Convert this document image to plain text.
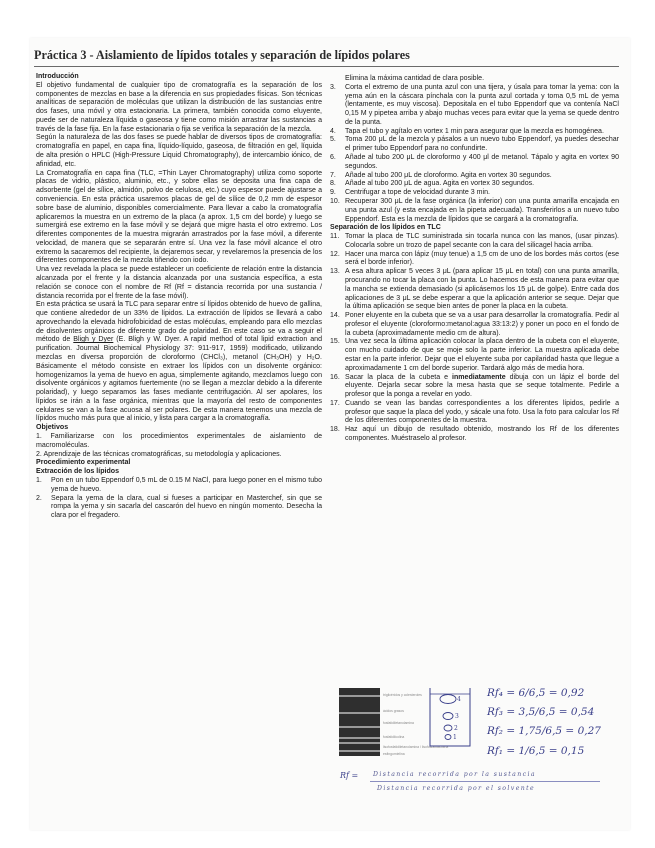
Práctica 3 - Aislamiento de lípidos totales y separación de lípidos polares

Introducción

El objetivo fundamental de cualquier tipo de cromatografía es la separación de los componentes de mezclas en base a la diferencia en sus propiedades físicas. Son técnicas analíticas de separación de moléculas que utilizan la distribución de las sustancias entre dos fases, una móvil y otra estacionaria. La primera, también conocida como eluyente, puede ser de naturaleza líquida o gaseosa y tiene como misión arrastrar las sustancias a través de la fase fija. En la fase estacionaria o fija se verifica la separación de la mezcla.

Según la naturaleza de las dos fases se puede hablar de diversos tipos de cromatografía: cromatografía en papel, en capa fina, líquido-líquido, gaseosa, de filtración en gel, líquida de alta presión o HPLC (High-Pressure Liquid Chromatography), de intercambio iónico, de afinidad, etc.

La Cromatografía en capa fina (TLC, =Thin Layer Chromatography) utiliza como soporte placas de vidrio, plástico, aluminio, etc., y sobre ellas se deposita una fina capa de adsorbente (gel de sílice, almidón, polvo de celulosa, etc.) cuyo espesor puede ajustarse a conveniencia. En esta práctica usaremos placas de gel de sílice de 0,2 mm de espesor sobre base de aluminio, disponibles comercialmente. Para llevar a cabo la cromatografía aplicaremos la muestra en un extremo de la placa (a aprox. 1,5 cm del borde) y luego se sumergirá ese extremo en la fase móvil y se dejará que migre hasta el otro extremo. Los diferentes componentes de la muestra migrarán arrastrados por la fase móvil, a diferente velocidad, de manera que se separarán entre sí. Una vez la fase móvil alcance el otro extremo la sacaremos del recipiente, la dejaremos secar, y revelaremos la presencia de los diferentes componentes de la mezcla tiñendo con iodo.

Una vez revelada la placa se puede establecer un coeficiente de relación entre la distancia alcanzada por el frente y la distancia alcanzada por una sustancia específica, a esta relación se conoce con el nombre de Rf (Rf = distancia recorrida por una sustancia / distancia recorrida por el frente de la fase móvil).

En esta práctica se usará la TLC para separar entre sí lípidos obtenido de huevo de gallina, que contiene alrededor de un 33% de lípidos. La extracción de lípidos se llevará a cabo aprovechando la elevada hidrofobicidad de estas moléculas, empleando para ello mezclas de disolventes orgánicos de diferente grado de polaridad. En este caso se va a seguir el método de Bligh y Dyer (E. Bligh y W. Dyer. A rapid method of total lipid extraction and purification. Journal Biochemical Physiology 37: 911-917, 1959) modificado, utilizando mezclas en diversa proporción de cloroformo (CHCl₃), metanol (CH₃OH) y H₂O. Básicamente el método consiste en extraer los lípidos con un disolvente orgánico: homogenizamos la yema de huevo en agua, simplemente agitando, mezclamos luego con disolvente orgánicos y agitamos fuertemente (no se llegan a mezclar debido a la diferente polaridad), y luego separamos las fases mediante centrifugación. Al ser apolares, los lípidos se irán a la fase orgánica, mientras que la mayoría del resto de componentes celulares se van a la fase acuosa al ser polares. De esta manera tenemos una mezcla de lípidos mucho más pura que al inicio, y lista para cargar a la cromatografía.

Objetivos

1. Familiarizarse con los procedimientos experimentales de aislamiento de macromoléculas.

2. Aprendizaje de las técnicas cromatográficas, su metodología y aplicaciones.

Procedimiento experimental

Extracción de los lípidos

1.	Pon en un tubo Eppendorf 0,5 mL de 0.15 M NaCl, para luego poner en el mismo tubo yema de huevo.
2.	Separa la yema de la clara, cual si fueses a participar en Masterchef, sin que se rompa la yema y sin sacarla del cascarón del huevo en ningún momento. Desecha la clara por el fregadero.
Elimina la máxima cantidad de clara posible.
3.	Corta el extremo de una punta azul con una tijera, y úsala para tomar la yema: con la yema aún en la cáscara pínchala con la punta azul cortada y toma 0,5 mL de yema (lentamente, es muy viscosa). Depositala en el tubo Eppendorf que va contenía NaCl 0,15 M y pipetea arriba y abajo muchas veces para evitar que la yema se quede dentro de la punta.
4.	Tapa el tubo y agítalo en vortex 1 min para asegurar que la mezcla es homogénea.
5.	Toma 200 μL de la mezcla y pásalos a un nuevo tubo Eppendorf, ya puedes desechar el primer tubo Eppendorf para no confundirte.
6.	Añade al tubo 200 μL de cloroformo y 400 μl de metanol. Tápalo y agita en vortex 90 segundos.
7.	Añade al tubo 200 μL de cloroformo. Agita en vortex 30 segundos.
8.	Añade al tubo 200 μL de agua. Agita en vortex 30 segundos.
9.	Centrifugar a tope de velocidad durante 3 min.
10. Recuperar 300 μL de la fase orgánica (la inferior) con una punta amarilla encajada en una punta azul (y esta encajada en la pipeta adecuada). Transferirlos a un nuevo tubo Eppendorf. Esta es la mezcla de lípidos que se cargará a la cromatografía.

Separación de los lípidos en TLC

11. Tomar la placa de TLC suministrada sin tocarla nunca con las manos, (usar pinzas). Colocarla sobre un trozo de papel secante con la cara del silicagel hacia arriba.
12. Hacer una marca con lápiz (muy tenue) a 1,5 cm de uno de los bordes más cortos (ese será el borde inferior).
13. A esa altura aplicar 5 veces 3 μL (para aplicar 15 μL en total) con una punta amarilla, procurando no tocar la placa con la punta. Lo hacemos de esta manera para evitar que la mancha se extienda demasiado (si aplicásemos los 15 μL de golpe). Entre cada dos aplicaciones de 3 μL se debe esperar a que la aplicación anterior se seque. Dejar que la última aplicación se seque bien antes de poner la placa en la cubeta.
14. Poner eluyente en la cubeta que se va a usar para desarrollar la cromatografía. Pedir al profesor el eluyente (cloroformo:metanol:agua 33:13:2) y poner un poco en el fondo de la cubeta (aproximadamente medio cm de altura).
15. Una vez seca la última aplicación colocar la placa dentro de la cubeta con el eluyente, con mucho cuidado de que se moje solo la parte inferior. La muestra aplicada debe estar en la parte inferior. Dejar que el eluyente suba por capilaridad hasta que llegue a aproximadamente 1 cm del borde superior. Tardará algo más de media hora.
16. Sacar la placa de la cubeta e inmediatamente dibuja con un lápiz el borde del eluyente. Dejarla secar sobre la mesa hasta que se seque totalmente. Pedirle a profesor que la ponga a revelar en yodo.
17. Cuando se vean las bandas correspondientes a los diferentes lípidos, pedirle a profesor que saque la placa del yodo, y sácale una foto. Usa la foto para calcular los Rf de los diferentes componentes de la muestra.
18. Haz aquí un dibujo de resultado obtenido, mostrando los Rf de los diferentes componentes. Muéstraselo al profesor.
triglicéridos y colesteroles
ácidos grasos
fosfatidiletanolamina
fosfatidilcolina
lisofosfatidiletanolamina / lisofosfatidilcolina
esfingomielina
4
3
2
1
Rf₄ = 6/6,5 = 0,92
Rf₃ = 3,5/6,5 = 0,54
Rf₂ = 1,75/6,5 = 0,27
Rf₁ = 1/6,5 = 0,15
Rf = Distancia recorrida por la sustancia
Distancia recorrida por el solvente
